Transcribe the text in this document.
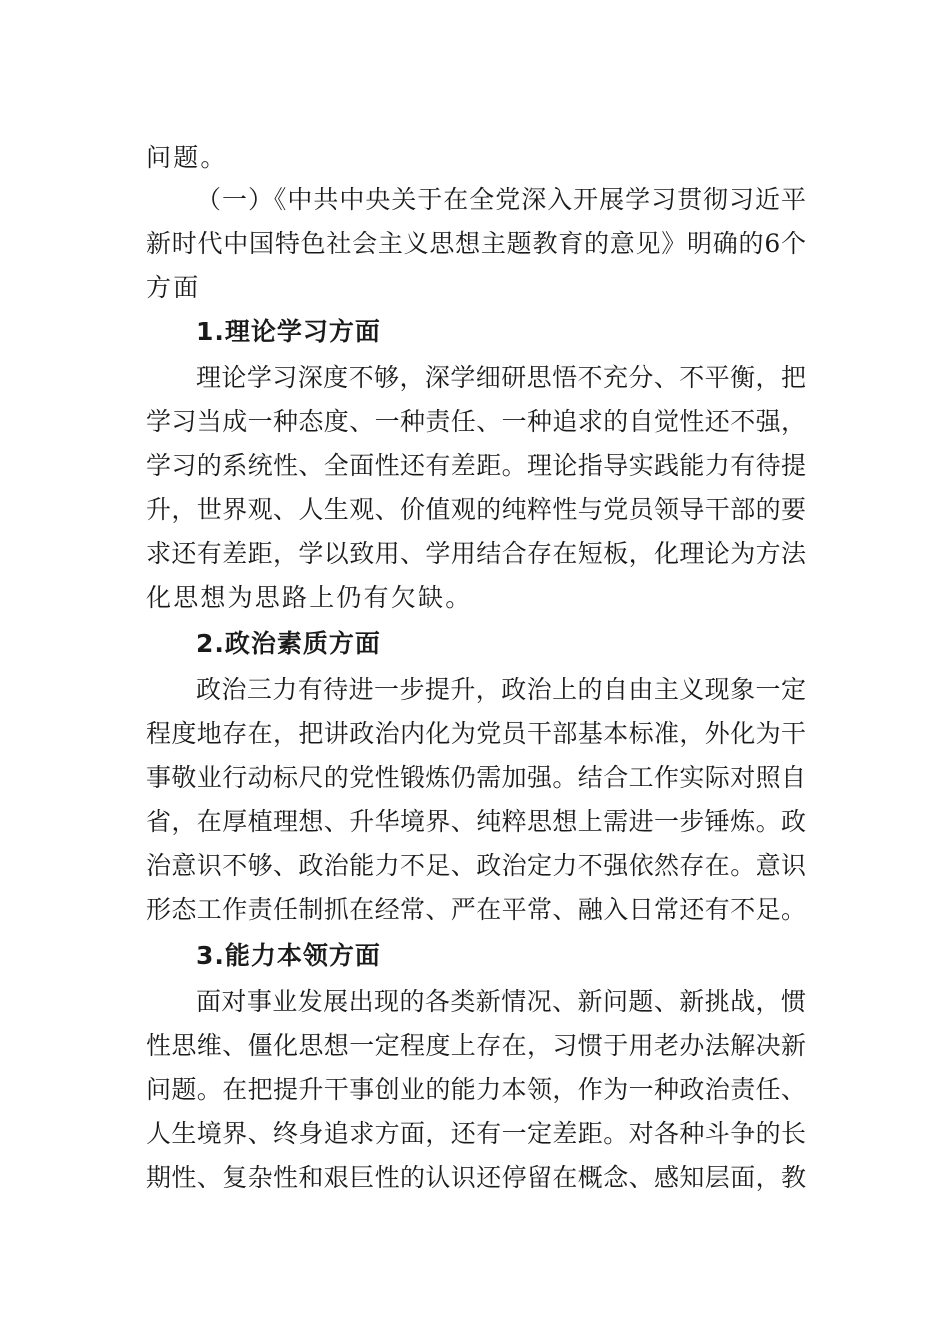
问题。
（一）《中共中央关于在全党深入开展学习贯彻习近平
新时代中国特色社会主义思想主题教育的意见》明确的6个
方面
1.理论学习方面
理论学习深度不够，深学细研思悟不充分、不平衡，把
学习当成一种态度、一种责任、一种追求的自觉性还不强，
学习的系统性、全面性还有差距。理论指导实践能力有待提
升，世界观、人生观、价值观的纯粹性与党员领导干部的要
求还有差距，学以致用、学用结合存在短板，化理论为方法
化思想为思路上仍有欠缺。
2.政治素质方面
政治三力有待进一步提升，政治上的自由主义现象一定
程度地存在，把讲政治内化为党员干部基本标准，外化为干
事敬业行动标尺的党性锻炼仍需加强。结合工作实际对照自
省，在厚植理想、升华境界、纯粹思想上需进一步锤炼。政
治意识不够、政治能力不足、政治定力不强依然存在。意识
形态工作责任制抓在经常、严在平常、融入日常还有不足。
3.能力本领方面
面对事业发展出现的各类新情况、新问题、新挑战，惯
性思维、僵化思想一定程度上存在，习惯于用老办法解决新
问题。在把提升干事创业的能力本领，作为一种政治责任、
人生境界、终身追求方面，还有一定差距。对各种斗争的长
期性、复杂性和艰巨性的认识还停留在概念、感知层面，教
